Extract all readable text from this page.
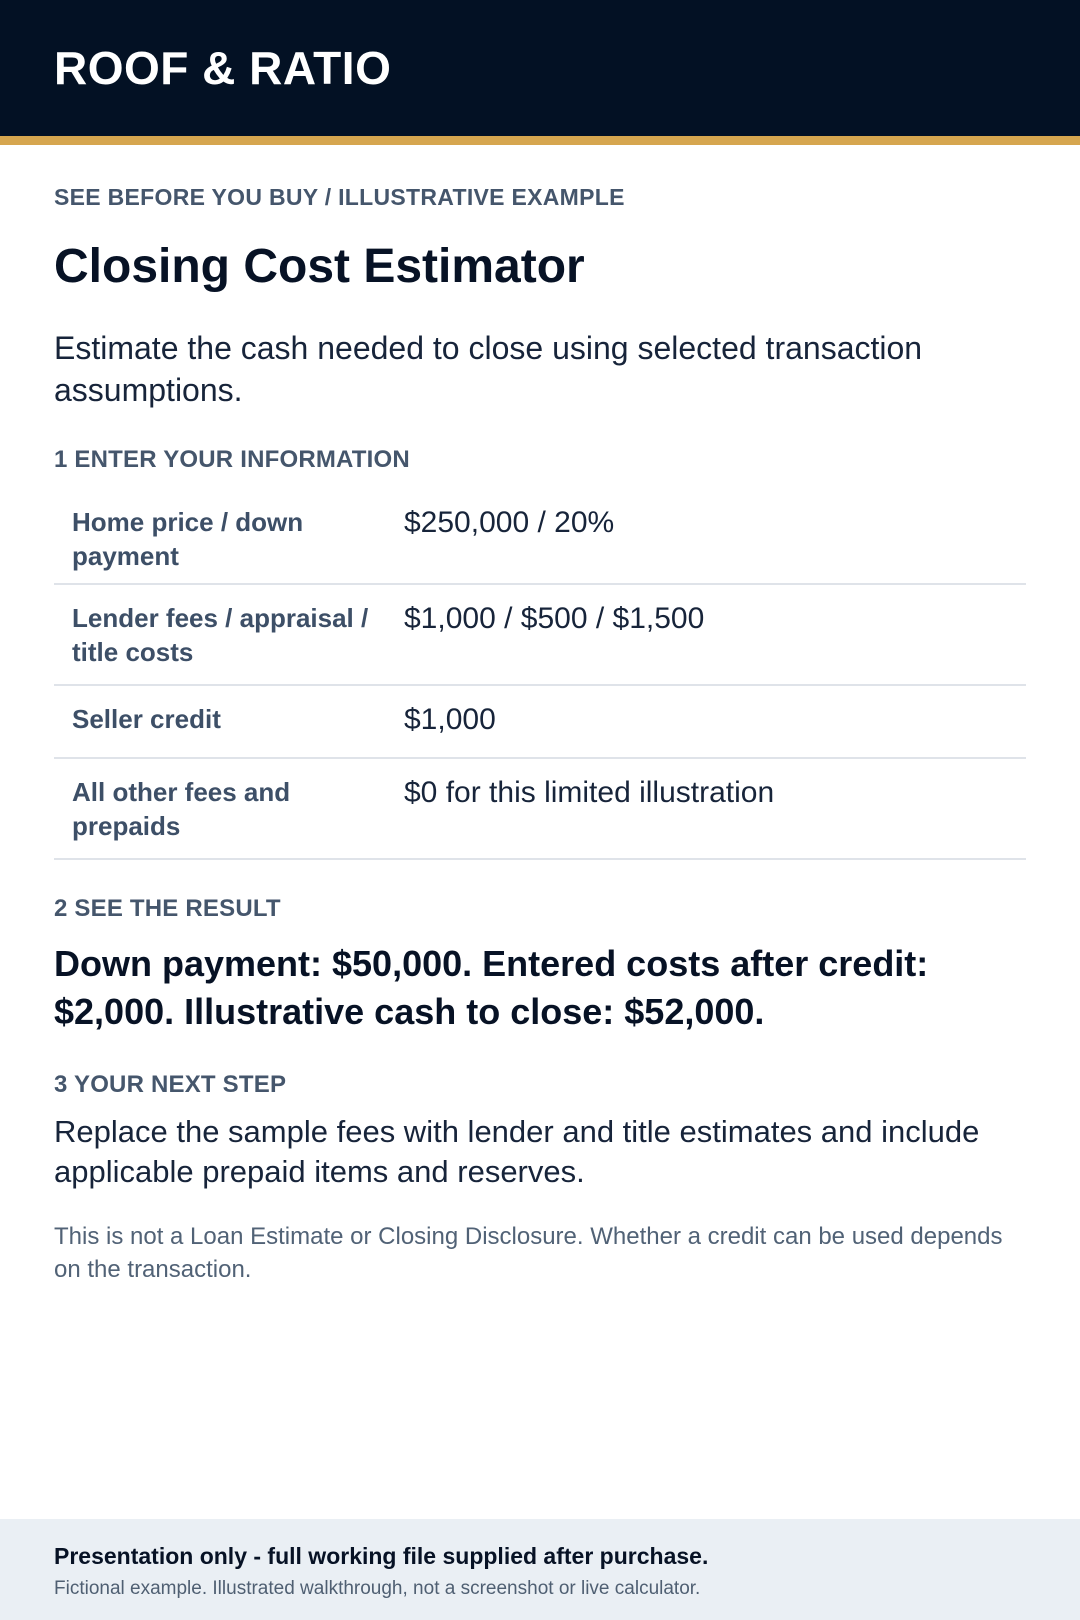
ROOF & RATIO
SEE BEFORE YOU BUY / ILLUSTRATIVE EXAMPLE
Closing Cost Estimator

Estimate the cash needed to close using selected transaction assumptions.

1 ENTER YOUR INFORMATION
Home price / down payment
$250,000 / 20%
Lender fees / appraisal / title costs
$1,000 / $500 / $1,500
Seller credit	$1,000
All other fees and prepaids
$0 for this limited illustration
2 SEE THE RESULT
Down payment: $50,000. Entered costs after credit: $2,000. Illustrative cash to close: $52,000.
3 YOUR NEXT STEP
Replace the sample fees with lender and title estimates and include applicable prepaid items and reserves.
This is not a Loan Estimate or Closing Disclosure. Whether a credit can be used depends on the transaction.
Presentation only - full working file supplied after purchase.
Fictional example. Illustrated walkthrough, not a screenshot or live calculator.
